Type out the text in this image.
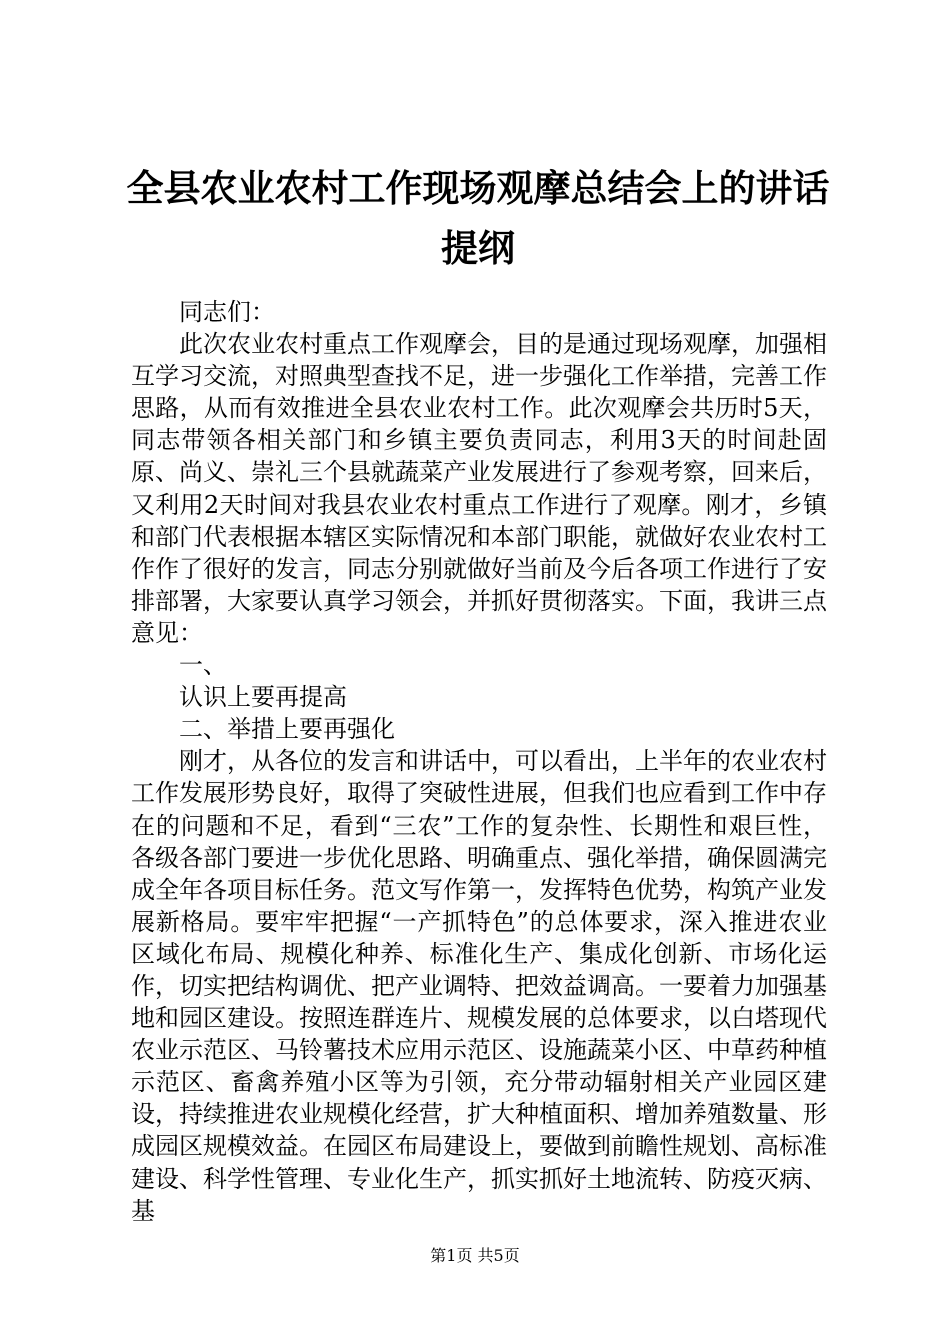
全县农业农村工作现场观摩总结会上的讲话提纲

同志们：

此次农业农村重点工作观摩会，目的是通过现场观摩，加强相互学习交流，对照典型查找不足，进一步强化工作举措，完善工作思路，从而有效推进全县农业农村工作。此次观摩会共历时5天，同志带领各相关部门和乡镇主要负责同志，利用3天的时间赴固原、尚义、崇礼三个县就蔬菜产业发展进行了参观考察，回来后，又利用2天时间对我县农业农村重点工作进行了观摩。刚才，乡镇和部门代表根据本辖区实际情况和本部门职能，就做好农业农村工作作了很好的发言，同志分别就做好当前及今后各项工作进行了安排部署，大家要认真学习领会，并抓好贯彻落实。下面，我讲三点意见：

一、

认识上要再提高

二、举措上要再强化

刚才，从各位的发言和讲话中，可以看出，上半年的农业农村工作发展形势良好，取得了突破性进展，但我们也应看到工作中存在的问题和不足，看到“三农”工作的复杂性、长期性和艰巨性，各级各部门要进一步优化思路、明确重点、强化举措，确保圆满完成全年各项目标任务。范文写作第一，发挥特色优势，构筑产业发展新格局。要牢牢把握“一产抓特色”的总体要求，深入推进农业区域化布局、规模化种养、标准化生产、集成化创新、市场化运作，切实把结构调优、把产业调特、把效益调高。一要着力加强基地和园区建设。按照连群连片、规模发展的总体要求，以白塔现代农业示范区、马铃薯技术应用示范区、设施蔬菜小区、中草药种植示范区、畜禽养殖小区等为引领，充分带动辐射相关产业园区建设，持续推进农业规模化经营，扩大种植面积、增加养殖数量、形成园区规模效益。在园区布局建设上，要做到前瞻性规划、高标准建设、科学性管理、专业化生产，抓实抓好土地流转、防疫灭病、基

第1页 共5页
